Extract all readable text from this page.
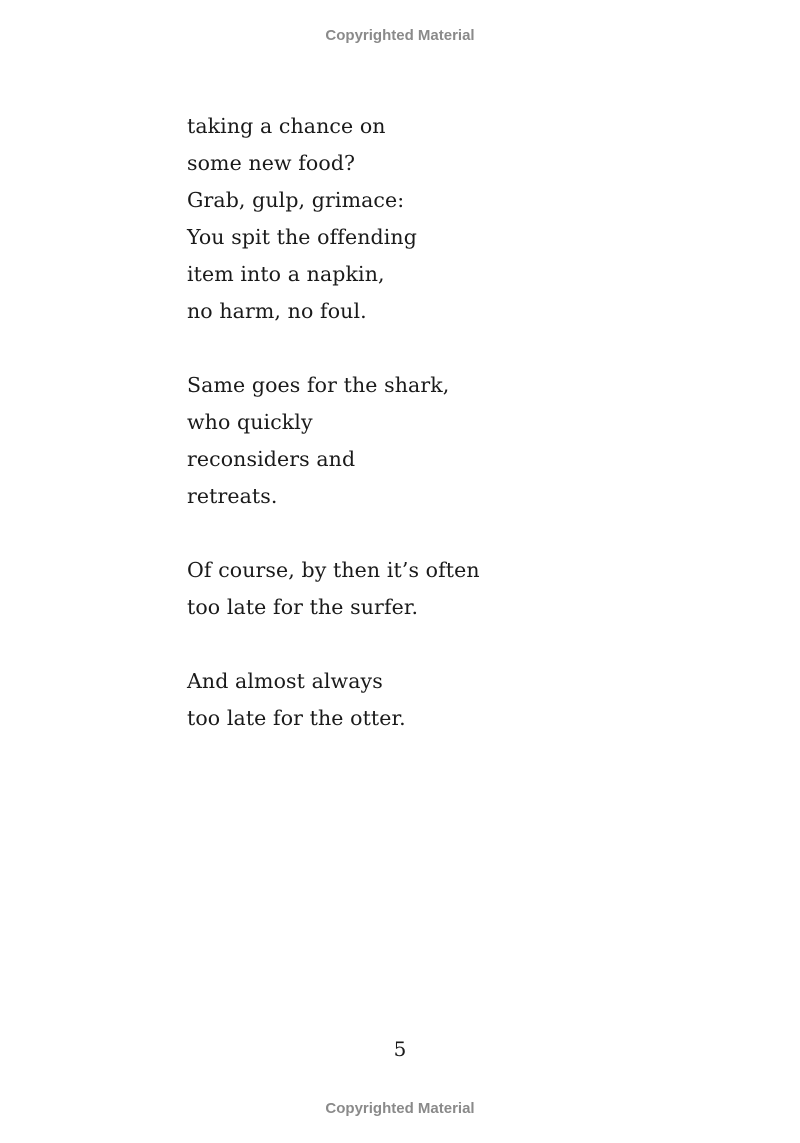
Copyrighted Material
taking a chance on
some new food?
Grab, gulp, grimace:
You spit the offending
item into a napkin,
no harm, no foul.
Same goes for the shark,
who quickly
reconsiders and
retreats.
Of course, by then it’s often
too late for the surfer.
And almost always
too late for the otter.
5
Copyrighted Material
